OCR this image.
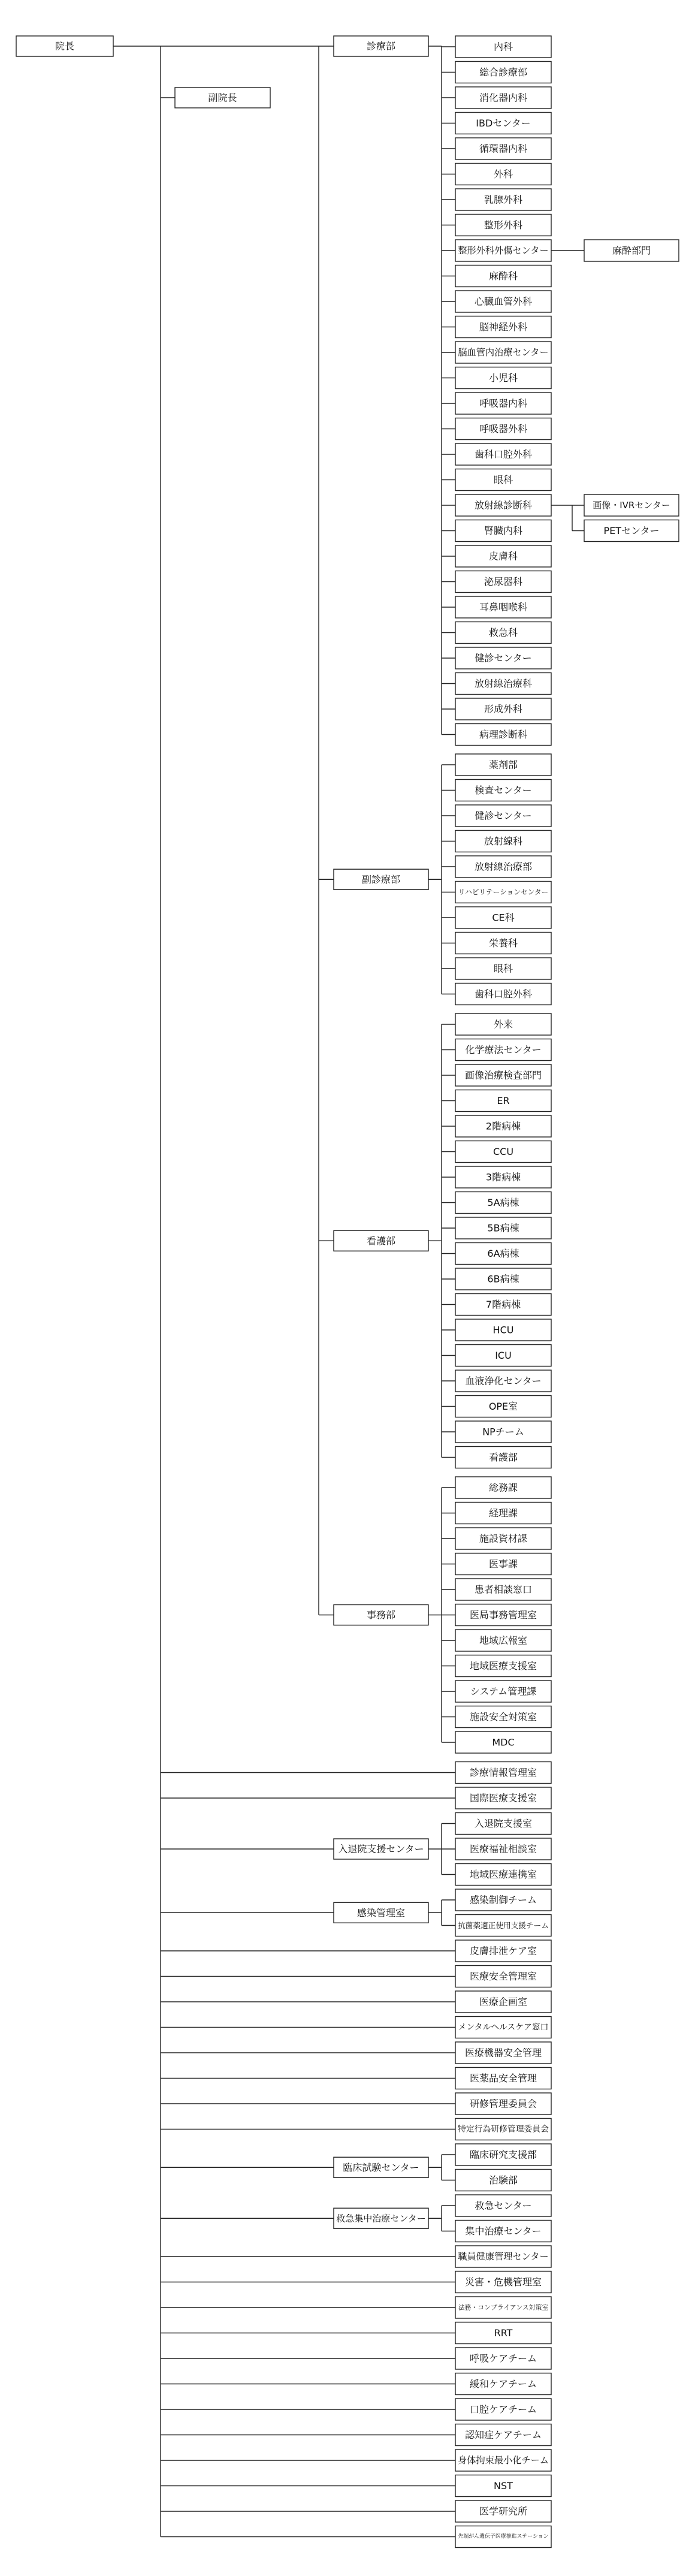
院長
副院長
診療部	内科
総合診療部
消化器内科
IBDセンター
循環器内科
外科
乳腺外科
整形外科
整形外科外傷センター
麻酔科
心臓血管外科
脳神経外科
脳血管内治療センター
小児科
呼吸器内科
呼吸器外科
歯科口腔外科
眼科
放射線診断科
腎臓内科
皮膚科
泌尿器科
耳鼻咽喉科
救急科
健診センター
放射線治療科
形成外科
病理診断科
麻酔部門
画像・IVRセンター
PETセンター
副診療部
薬剤部
検査センター
健診センター
放射線科
放射線治療部
リハビリテーションセンター
CE科
栄養科
眼科
歯科口腔外科
看護部
外来
化学療法センター
画像治療検査部門
ER
2階病棟
CCU
3階病棟
5A病棟
5B病棟
6A病棟
6B病棟
7階病棟
HCU
ICU
血液浄化センター
OPE室
NPチーム
看護部
事務部
総務課
経理課
施設資材課
医事課
患者相談窓口
医局事務管理室
地域広報室
地域医療支援室
システム管理課
施設安全対策室
MDC
診療情報管理室
国際医療支援室
入退院支援センター
入退院支援室
医療福祉相談室
地域医療連携室
感染管理室
感染制御チーム
抗菌薬適正使用支援チーム
皮膚排泄ケア室
医療安全管理室
医療企画室
メンタルヘルスケア窓口
医療機器安全管理
医薬品安全管理
研修管理委員会
特定行為研修管理委員会
臨床試験センター
臨床研究支援部
治験部
救急集中治療センター
救急センター
集中治療センター
職員健康管理センター
災害・危機管理室
法務・コンプライアンス対策室
RRT
呼吸ケアチーム
緩和ケアチーム
口腔ケアチーム
認知症ケアチーム
身体拘束最小化チーム
NST
医学研究所
先端がん遺伝子医療推進ステーション
